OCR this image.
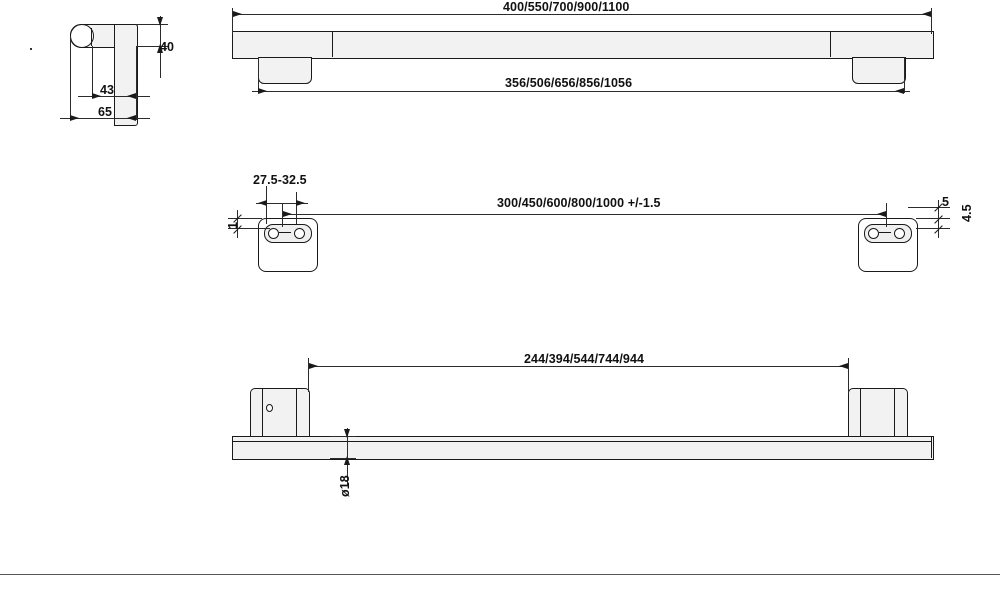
40
43
65
400/550/700/900/1100
356/506/656/856/1056
27.5-32.5
300/450/600/800/1000 +/-1.5
1
5
4.5
244/394/544/744/944
ø18
